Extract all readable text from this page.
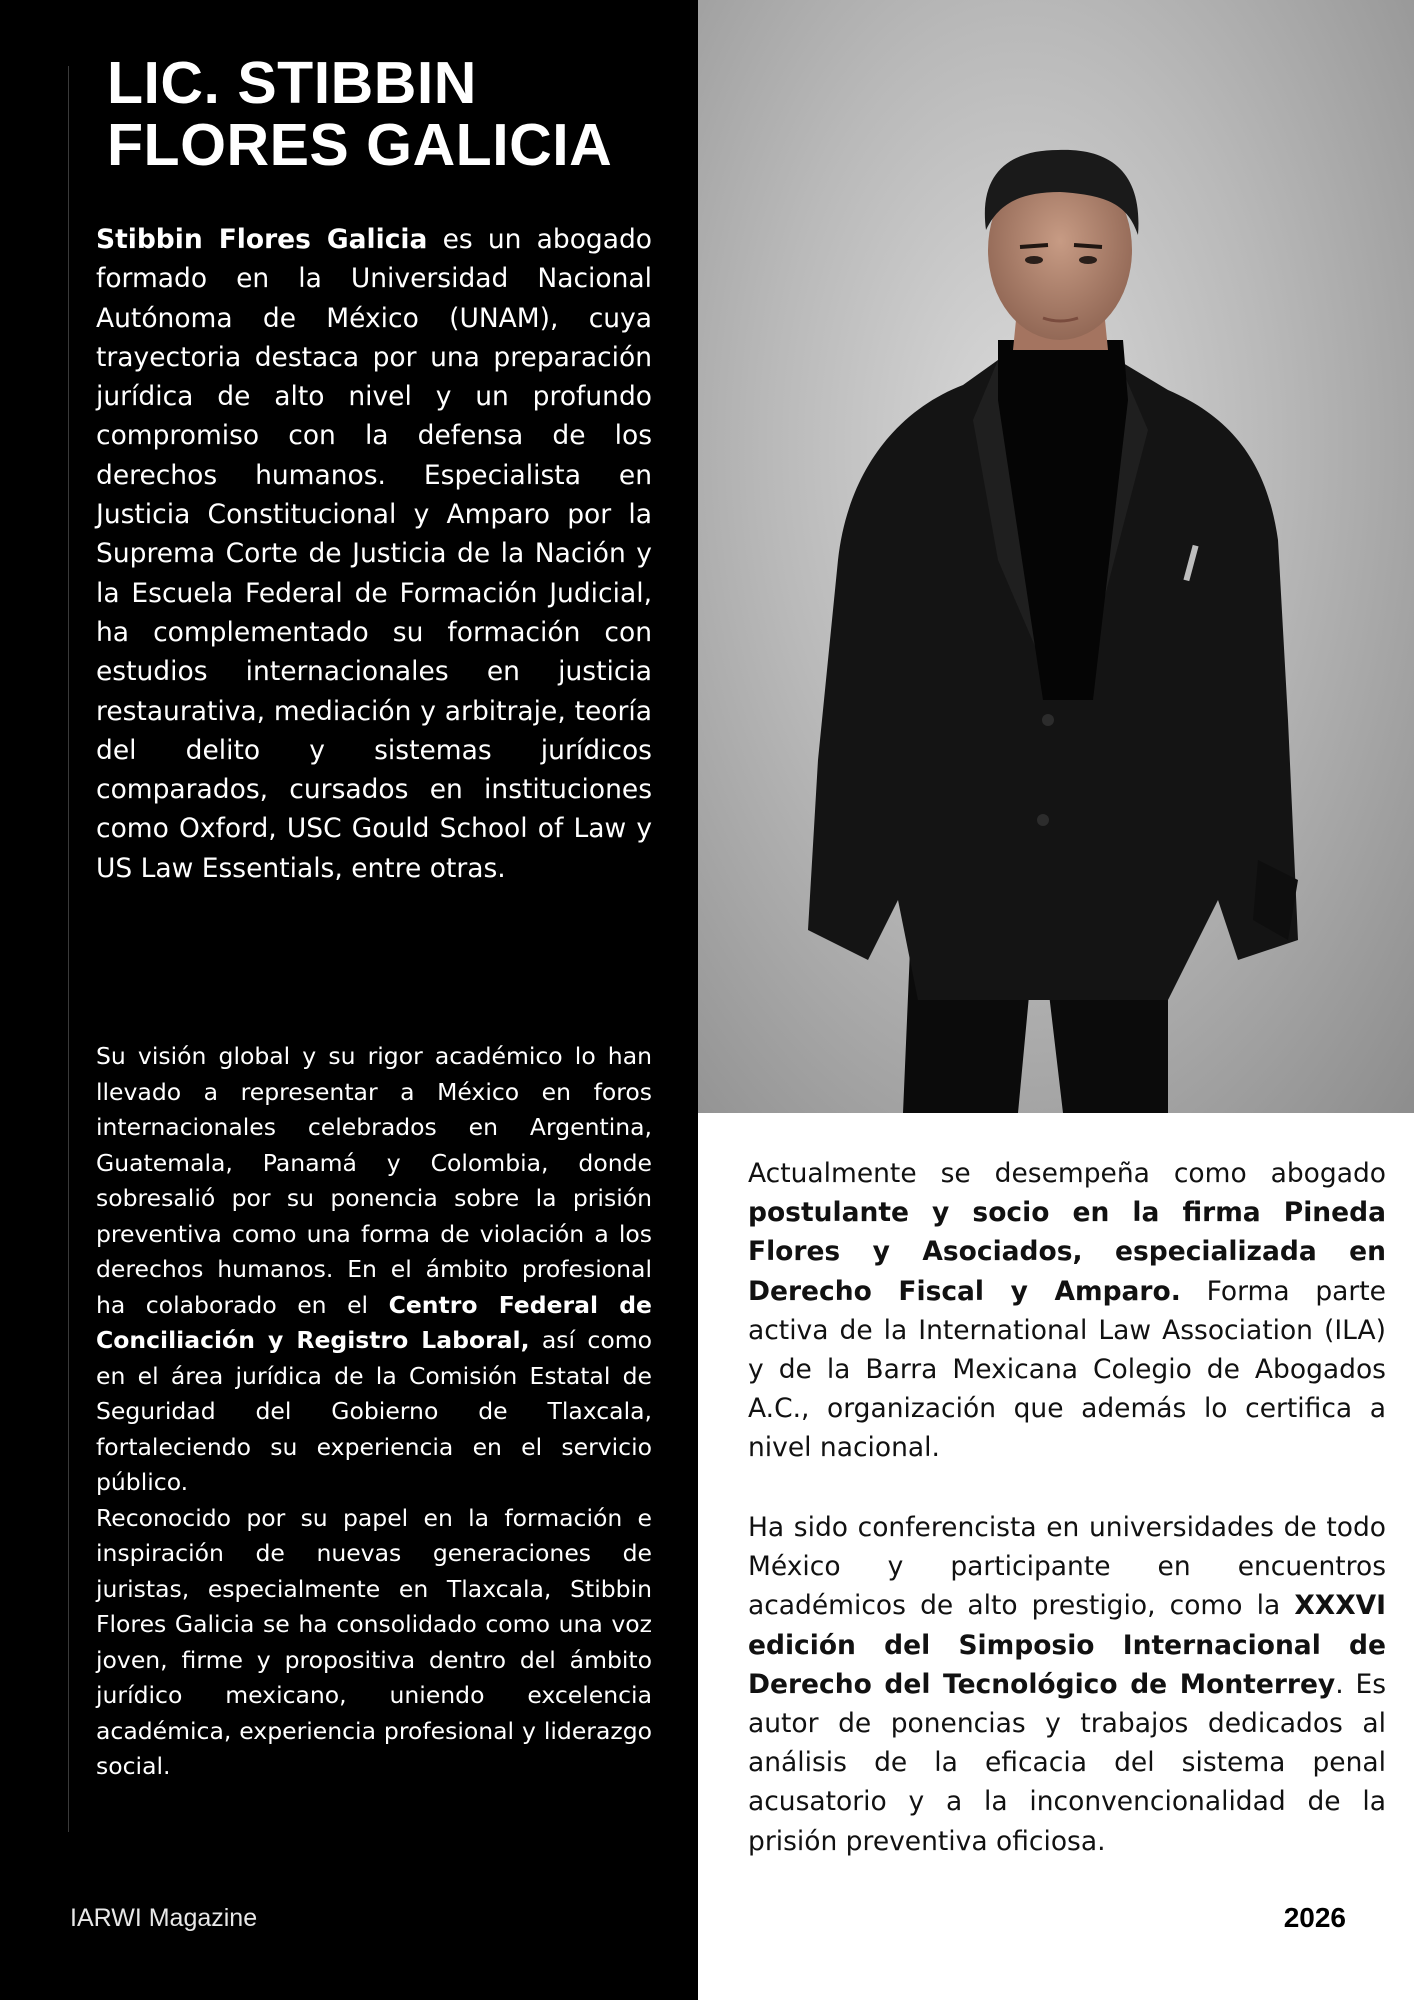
LIC. STIBBIN
FLORES GALICIA

Stibbin Flores Galicia es un abogado formado en la Universidad Nacional Autónoma de México (UNAM), cuya trayectoria destaca por una preparación jurídica de alto nivel y un profundo compromiso con la defensa de los derechos humanos. Especialista en Justicia Constitucional y Amparo por la Suprema Corte de Justicia de la Nación y la Escuela Federal de Formación Judicial, ha complementado su formación con estudios internacionales en justicia restaurativa, mediación y arbitraje, teoría del delito y sistemas jurídicos comparados, cursados en instituciones como Oxford, USC Gould School of Law y US Law Essentials, entre otras.

Su visión global y su rigor académico lo han llevado a representar a México en foros internacionales celebrados en Argentina, Guatemala, Panamá y Colombia, donde sobresalió por su ponencia sobre la prisión preventiva como una forma de violación a los derechos humanos. En el ámbito profesional ha colaborado en el Centro Federal de Conciliación y Registro Laboral, así como en el área jurídica de la Comisión Estatal de Seguridad del Gobierno de Tlaxcala, fortaleciendo su experiencia en el servicio público.
Reconocido por su papel en la formación e inspiración de nuevas generaciones de juristas, especialmente en Tlaxcala, Stibbin Flores Galicia se ha consolidado como una voz joven, firme y propositiva dentro del ámbito jurídico mexicano, uniendo excelencia académica, experiencia profesional y liderazgo social.

IARWI Magazine

Actualmente se desempeña como abogado postulante y socio en la firma Pineda Flores y Asociados, especializada en Derecho Fiscal y Amparo. Forma parte activa de la International Law Association (ILA) y de la Barra Mexicana Colegio de Abogados A.C., organización que además lo certifica a nivel nacional.

Ha sido conferencista en universidades de todo México y participante en encuentros académicos de alto prestigio, como la XXXVI edición del Simposio Internacional de Derecho del Tecnológico de Monterrey. Es autor de ponencias y trabajos dedicados al análisis de la eficacia del sistema penal acusatorio y a la inconvencionalidad de la prisión preventiva oficiosa.

2026
